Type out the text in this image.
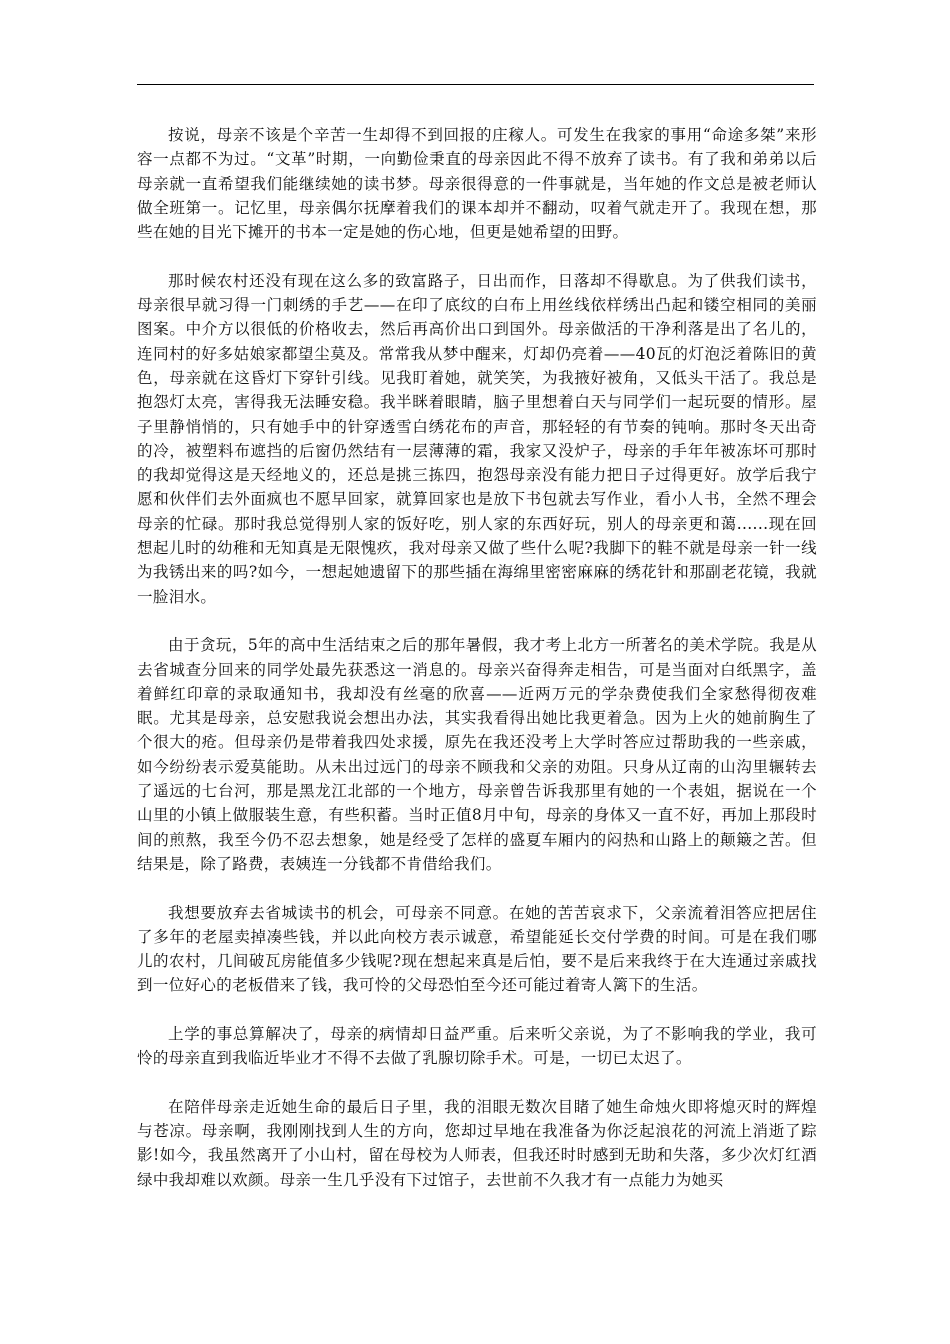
按说，母亲不该是个辛苦一生却得不到回报的庄稼人。可发生在我家的事用“命途多桀”来形容一点都不为过。“文革”时期，一向勤俭秉直的母亲因此不得不放弃了读书。有了我和弟弟以后母亲就一直希望我们能继续她的读书梦。母亲很得意的一件事就是，当年她的作文总是被老师认做全班第一。记忆里，母亲偶尔抚摩着我们的课本却并不翻动，叹着气就走开了。我现在想，那些在她的目光下摊开的书本一定是她的伤心地，但更是她希望的田野。

那时候农村还没有现在这么多的致富路子，日出而作，日落却不得歇息。为了供我们读书，母亲很早就习得一门刺绣的手艺——在印了底纹的白布上用丝线依样绣出凸起和镂空相同的美丽图案。中介方以很低的价格收去，然后再高价出口到国外。母亲做活的干净利落是出了名儿的，连同村的好多姑娘家都望尘莫及。常常我从梦中醒来，灯却仍亮着——40瓦的灯泡泛着陈旧的黄色，母亲就在这昏灯下穿针引线。见我盯着她，就笑笑，为我掖好被角，又低头干活了。我总是抱怨灯太亮，害得我无法睡安稳。我半眯着眼睛，脑子里想着白天与同学们一起玩耍的情形。屋子里静悄悄的，只有她手中的针穿透雪白绣花布的声音，那轻轻的有节奏的钝响。那时冬天出奇的冷，被塑料布遮挡的后窗仍然结有一层薄薄的霜，我家又没炉子，母亲的手年年被冻坏可那时的我却觉得这是天经地义的，还总是挑三拣四，抱怨母亲没有能力把日子过得更好。放学后我宁愿和伙伴们去外面疯也不愿早回家，就算回家也是放下书包就去写作业，看小人书，全然不理会母亲的忙碌。那时我总觉得别人家的饭好吃，别人家的东西好玩，别人的母亲更和蔼......现在回想起儿时的幼稚和无知真是无限愧疚，我对母亲又做了些什么呢?我脚下的鞋不就是母亲一针一线为我锈出来的吗?如今，一想起她遗留下的那些插在海绵里密密麻麻的绣花针和那副老花镜，我就一脸泪水。

由于贪玩，5年的高中生活结束之后的那年暑假，我才考上北方一所著名的美术学院。我是从去省城查分回来的同学处最先获悉这一消息的。母亲兴奋得奔走相告，可是当面对白纸黑字，盖着鲜红印章的录取通知书，我却没有丝毫的欣喜——近两万元的学杂费使我们全家愁得彻夜难眠。尤其是母亲，总安慰我说会想出办法，其实我看得出她比我更着急。因为上火的她前胸生了个很大的疮。但母亲仍是带着我四处求援，原先在我还没考上大学时答应过帮助我的一些亲戚，如今纷纷表示爱莫能助。从未出过远门的母亲不顾我和父亲的劝阻。只身从辽南的山沟里辗转去了遥远的七台河，那是黑龙江北部的一个地方，母亲曾告诉我那里有她的一个表姐，据说在一个山里的小镇上做服装生意，有些积蓄。当时正值8月中旬，母亲的身体又一直不好，再加上那段时间的煎熬，我至今仍不忍去想象，她是经受了怎样的盛夏车厢内的闷热和山路上的颠簸之苦。但结果是，除了路费，表姨连一分钱都不肯借给我们。

我想要放弃去省城读书的机会，可母亲不同意。在她的苦苦哀求下，父亲流着泪答应把居住了多年的老屋卖掉凑些钱，并以此向校方表示诚意，希望能延长交付学费的时间。可是在我们哪儿的农村，几间破瓦房能值多少钱呢?现在想起来真是后怕，要不是后来我终于在大连通过亲戚找到一位好心的老板借来了钱，我可怜的父母恐怕至今还可能过着寄人篱下的生活。

上学的事总算解决了，母亲的病情却日益严重。后来听父亲说，为了不影响我的学业，我可怜的母亲直到我临近毕业才不得不去做了乳腺切除手术。可是，一切已太迟了。

在陪伴母亲走近她生命的最后日子里，我的泪眼无数次目睹了她生命烛火即将熄灭时的辉煌与苍凉。母亲啊，我刚刚找到人生的方向，您却过早地在我准备为你泛起浪花的河流上消逝了踪影!如今，我虽然离开了小山村，留在母校为人师表，但我还时时感到无助和失落，多少次灯红酒绿中我却难以欢颜。母亲一生几乎没有下过馆子，去世前不久我才有一点能力为她买
